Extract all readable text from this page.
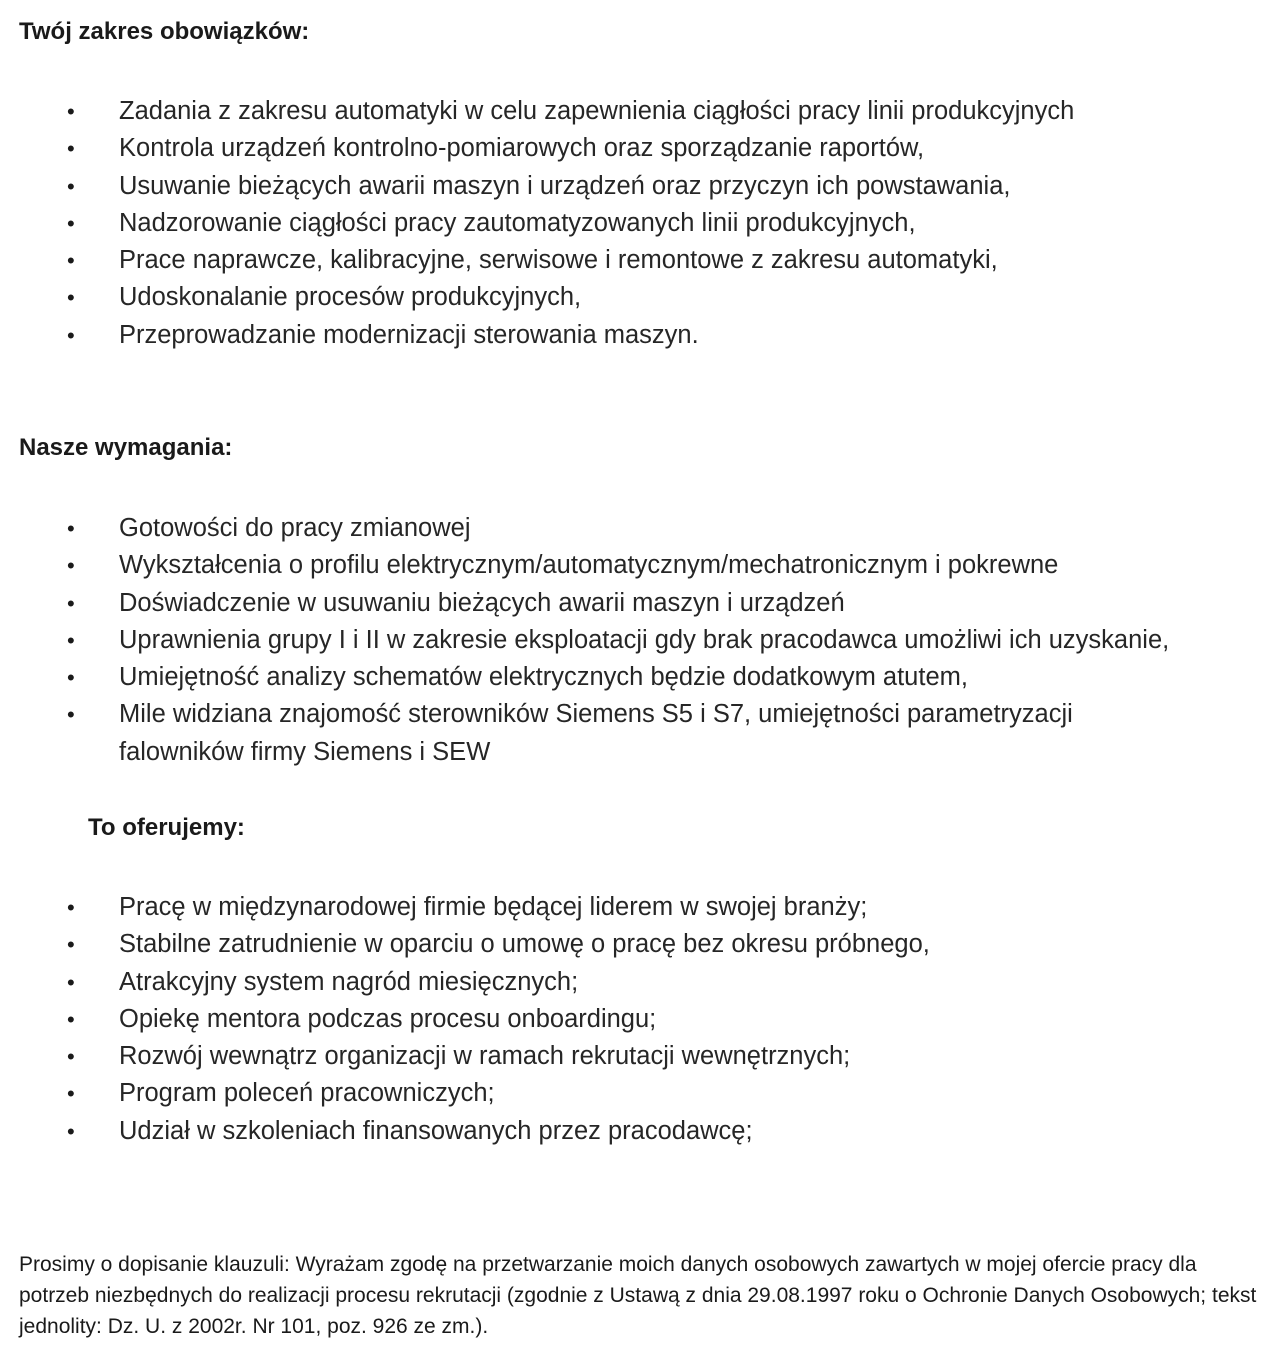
Twój zakres obowiązków:
• Zadania z zakresu automatyki w celu zapewnienia ciągłości pracy linii produkcyjnych
• Kontrola urządzeń kontrolno-pomiarowych oraz sporządzanie raportów,
• Usuwanie bieżących awarii maszyn i urządzeń oraz przyczyn ich powstawania,
• Nadzorowanie ciągłości pracy zautomatyzowanych linii produkcyjnych,
• Prace naprawcze, kalibracyjne, serwisowe i remontowe z zakresu automatyki,
• Udoskonalanie procesów produkcyjnych,
• Przeprowadzanie modernizacji sterowania maszyn.
Nasze wymagania:
• Gotowości do pracy zmianowej
• Wykształcenia o profilu elektrycznym/automatycznym/mechatronicznym i pokrewne
• Doświadczenie w usuwaniu bieżących awarii maszyn i urządzeń
• Uprawnienia grupy I i II w zakresie eksploatacji gdy brak pracodawca umożliwi ich uzyskanie,
• Umiejętność analizy schematów elektrycznych będzie dodatkowym atutem,
• Mile widziana znajomość sterowników Siemens S5 i S7, umiejętności parametryzacji falowników firmy Siemens i SEW
To oferujemy:
• Pracę w międzynarodowej firmie będącej liderem w swojej branży;
• Stabilne zatrudnienie w oparciu o umowę o pracę bez okresu próbnego,
• Atrakcyjny system nagród miesięcznych;
• Opiekę mentora podczas procesu onboardingu;
• Rozwój wewnątrz organizacji w ramach rekrutacji wewnętrznych;
• Program poleceń pracowniczych;
• Udział w szkoleniach finansowanych przez pracodawcę;

Prosimy o dopisanie klauzuli: Wyrażam zgodę na przetwarzanie moich danych osobowych zawartych w mojej ofercie pracy dla potrzeb niezbędnych do realizacji procesu rekrutacji (zgodnie z Ustawą z dnia 29.08.1997 roku o Ochronie Danych Osobowych; tekst jednolity: Dz. U. z 2002r. Nr 101, poz. 926 ze zm.).
